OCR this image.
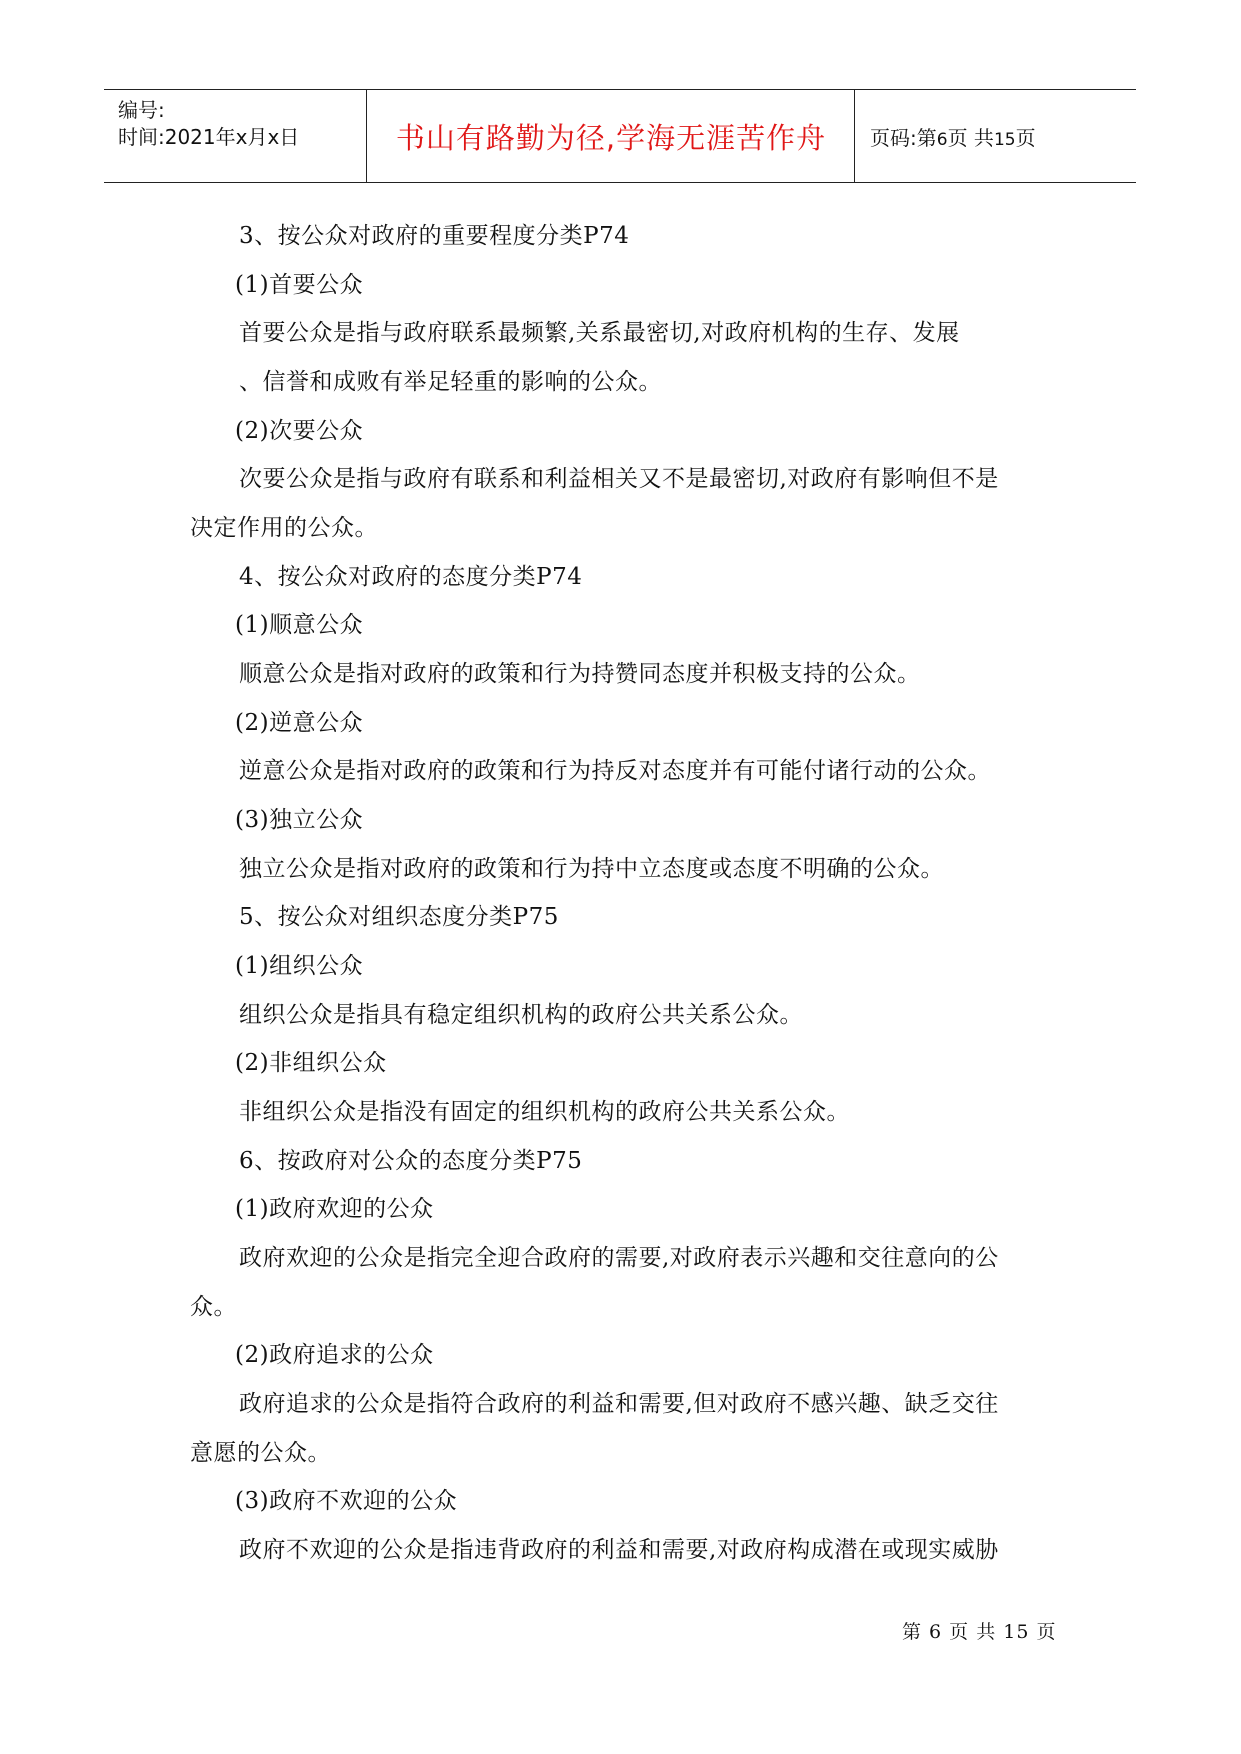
编号:
时间:2021年x月x日	书山有路勤为径,学海无涯苦作舟 页码:第6页 共15页
3、按公众对政府的重要程度分类P74
(1)首要公众
首要公众是指与政府联系最频繁,关系最密切,对政府机构的生存、发展
、信誉和成败有举足轻重的影响的公众。
(2)次要公众
次要公众是指与政府有联系和利益相关又不是最密切,对政府有影响但不是
决定作用的公众。
4、按公众对政府的态度分类P74
(1)顺意公众
顺意公众是指对政府的政策和行为持赞同态度并积极支持的公众。
(2)逆意公众
逆意公众是指对政府的政策和行为持反对态度并有可能付诸行动的公众。
(3)独立公众
独立公众是指对政府的政策和行为持中立态度或态度不明确的公众。
5、按公众对组织态度分类P75
(1)组织公众
组织公众是指具有稳定组织机构的政府公共关系公众。
(2)非组织公众
非组织公众是指没有固定的组织机构的政府公共关系公众。
6、按政府对公众的态度分类P75
(1)政府欢迎的公众
政府欢迎的公众是指完全迎合政府的需要,对政府表示兴趣和交往意向的公
众。
(2)政府追求的公众
政府追求的公众是指符合政府的利益和需要,但对政府不感兴趣、缺乏交往
意愿的公众。
(3)政府不欢迎的公众
政府不欢迎的公众是指违背政府的利益和需要,对政府构成潜在或现实威胁
第 6 页 共 15 页
